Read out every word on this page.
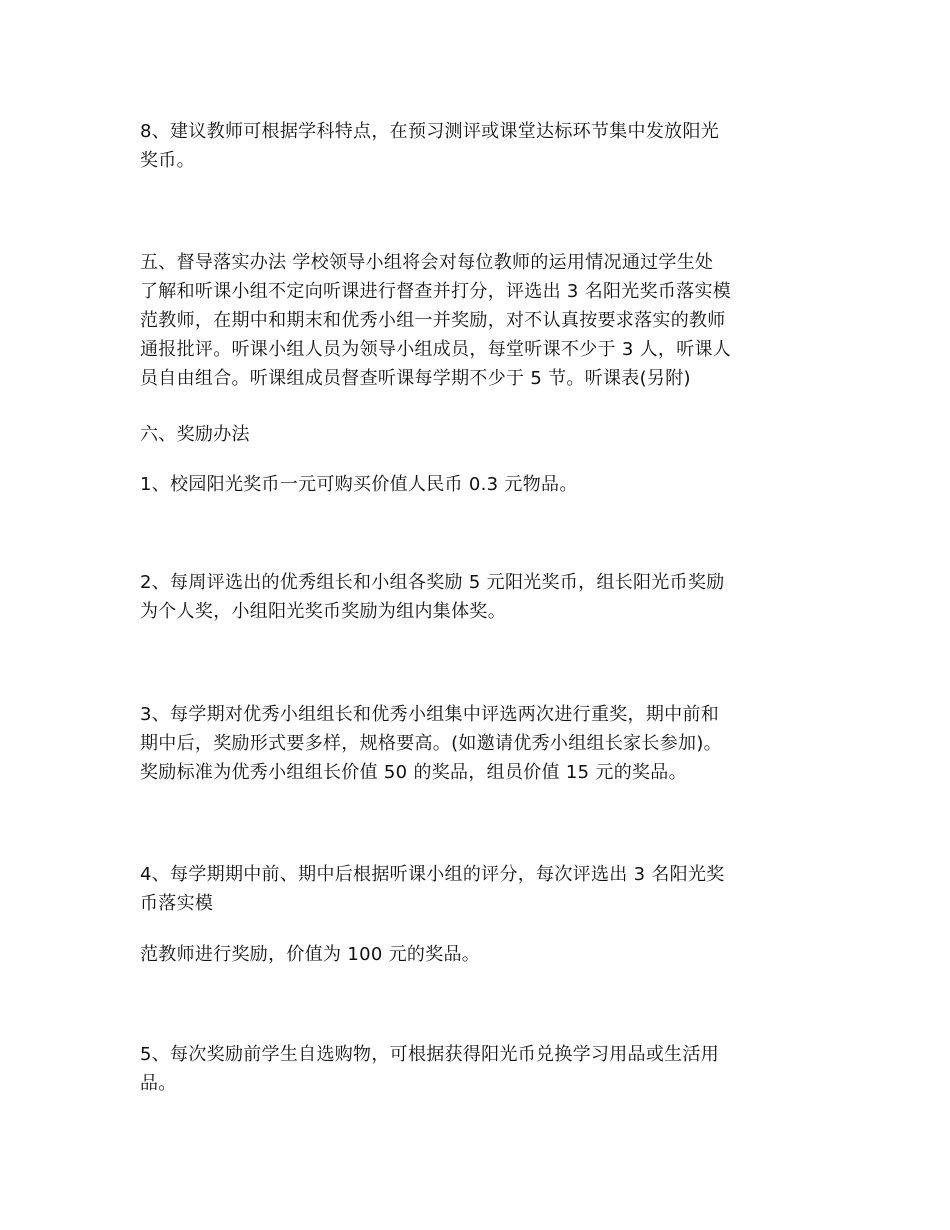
8、建议教师可根据学科特点，在预习测评或课堂达标环节集中发放阳光
奖币。

五、督导落实办法 学校领导小组将会对每位教师的运用情况通过学生处
了解和听课小组不定向听课进行督查并打分，评选出 3 名阳光奖币落实模
范教师，在期中和期末和优秀小组一并奖励，对不认真按要求落实的教师
通报批评。听课小组人员为领导小组成员，每堂听课不少于 3 人，听课人
员自由组合。听课组成员督查听课每学期不少于 5 节。听课表(另附)

六、奖励办法

1、校园阳光奖币一元可购买价值人民币 0.3 元物品。

2、每周评选出的优秀组长和小组各奖励 5 元阳光奖币，组长阳光币奖励
为个人奖，小组阳光奖币奖励为组内集体奖。

3、每学期对优秀小组组长和优秀小组集中评选两次进行重奖，期中前和
期中后，奖励形式要多样，规格要高。(如邀请优秀小组组长家长参加)。
奖励标准为优秀小组组长价值 50 的奖品，组员价值 15 元的奖品。

4、每学期期中前、期中后根据听课小组的评分，每次评选出 3 名阳光奖
币落实模

范教师进行奖励，价值为 100 元的奖品。

5、每次奖励前学生自选购物，可根据获得阳光币兑换学习用品或生活用
品。
